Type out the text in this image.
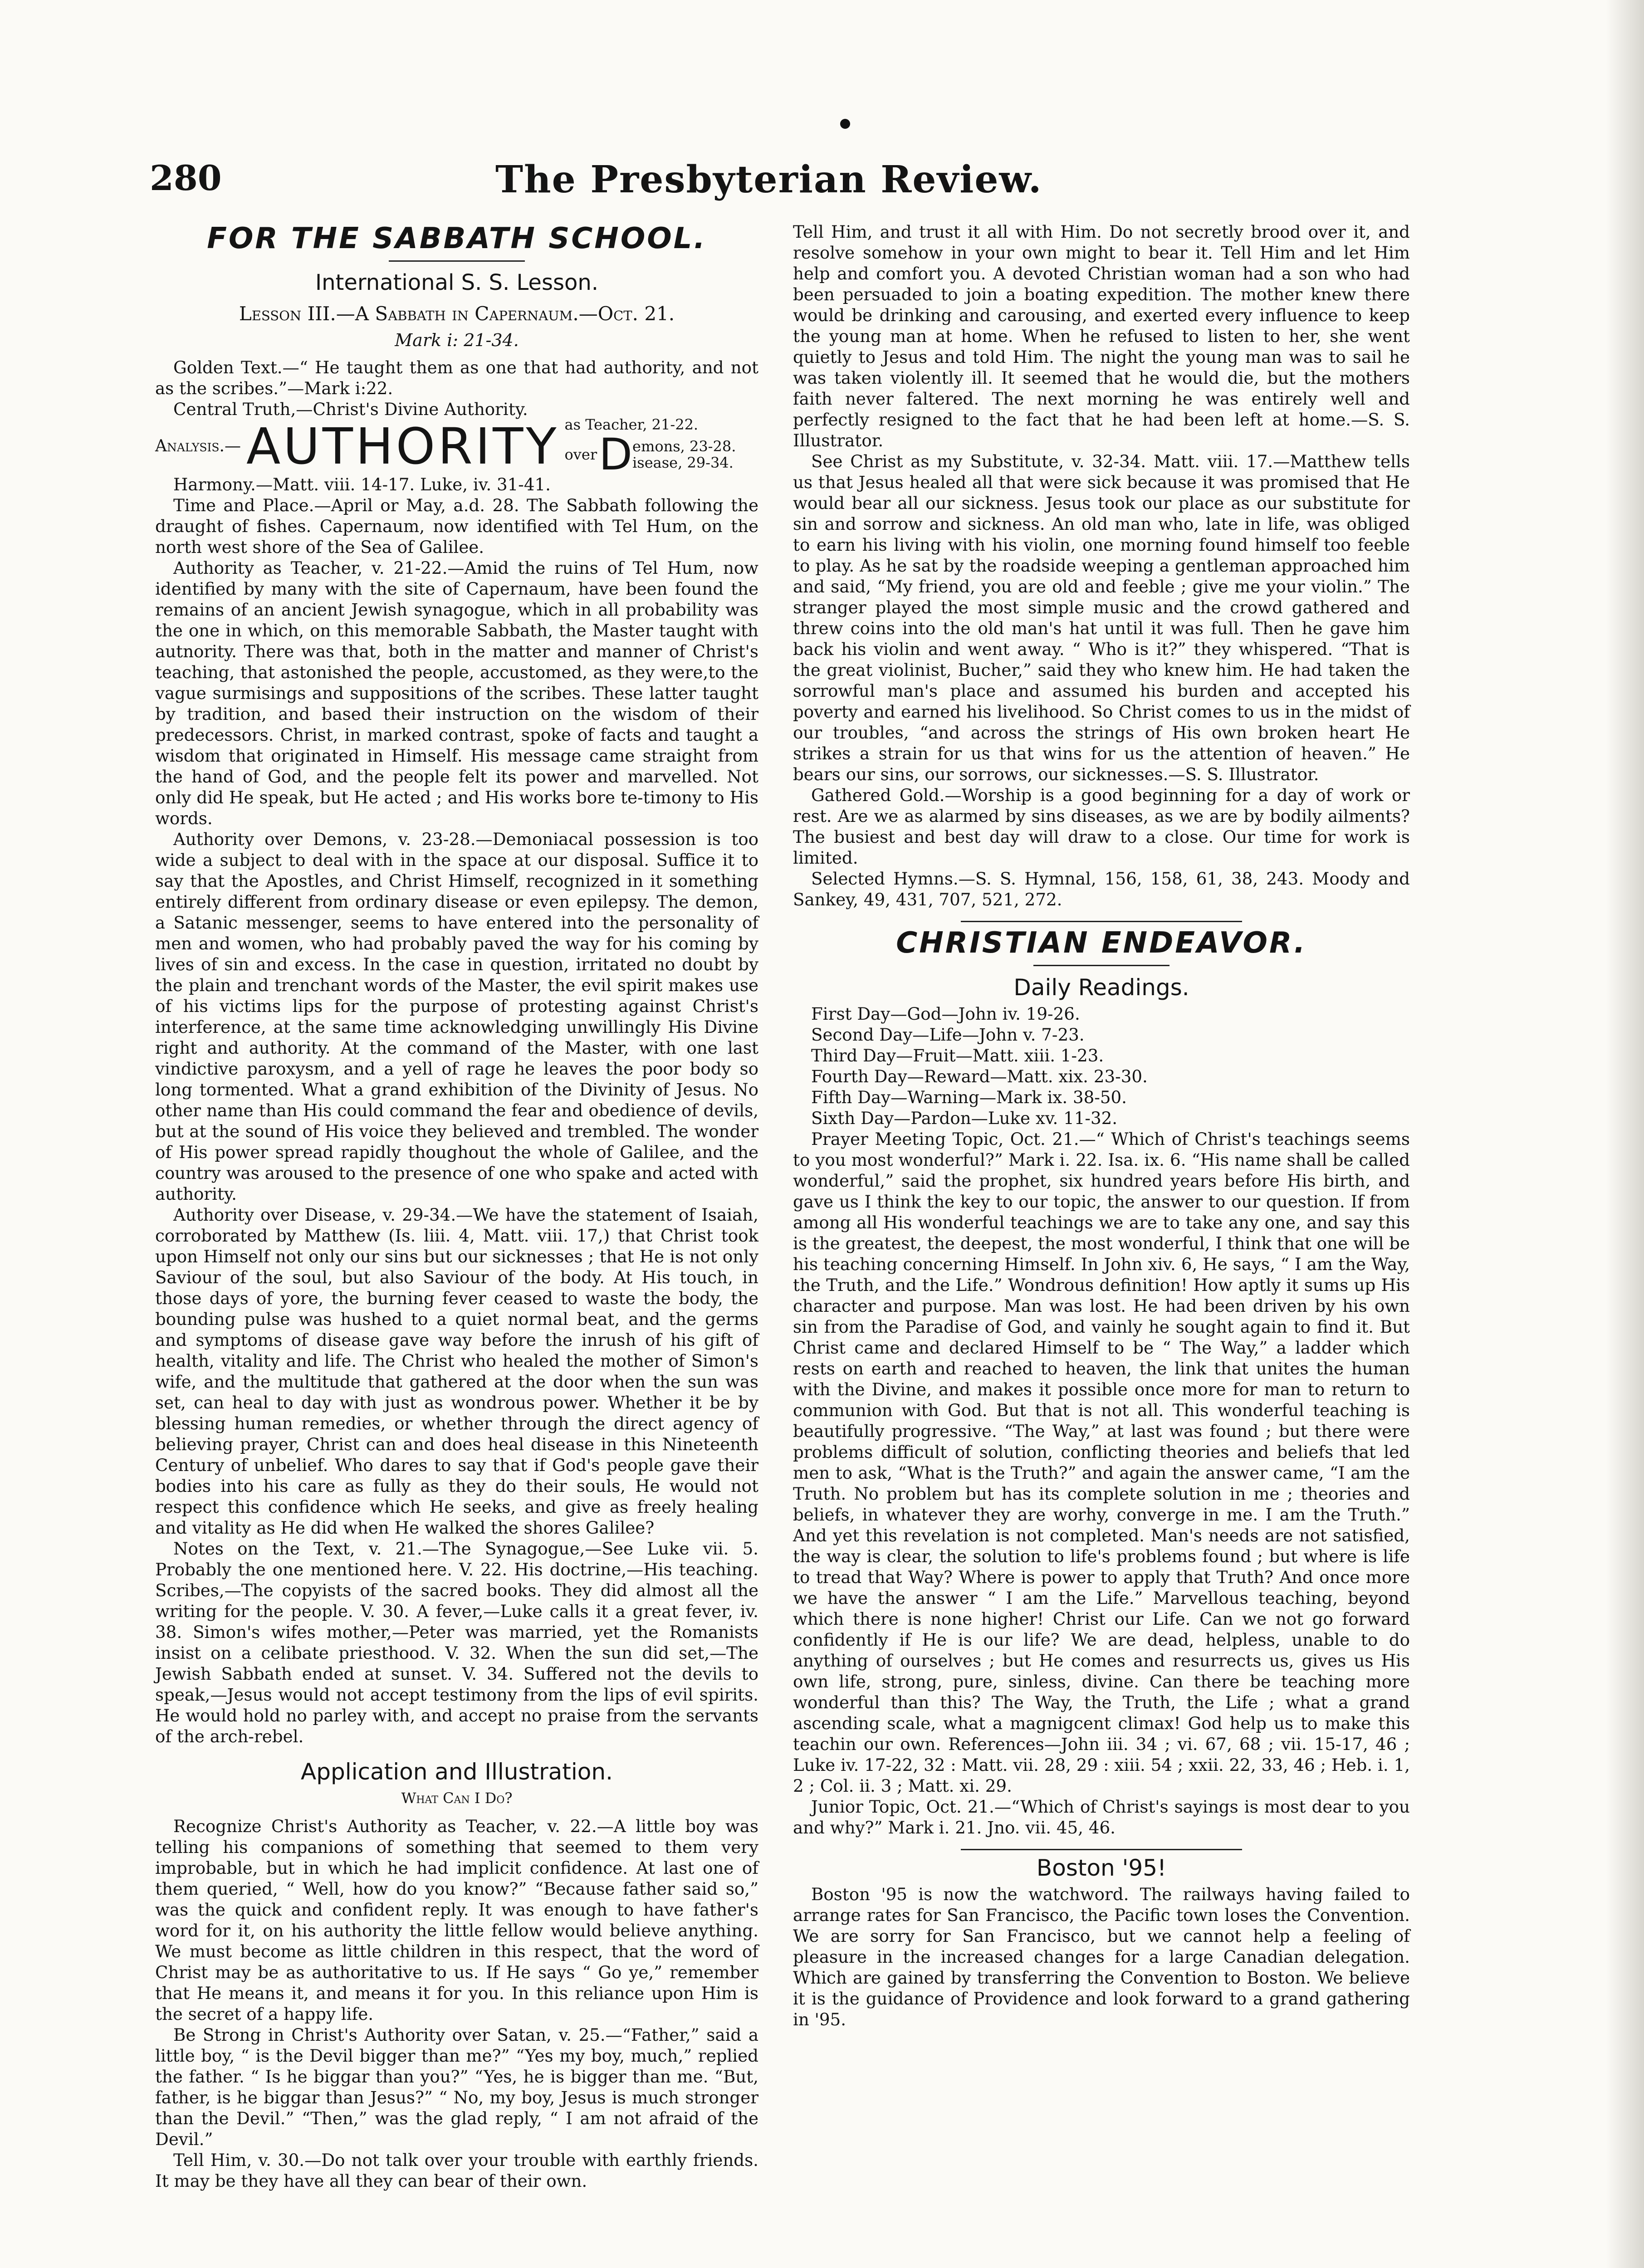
280	The Presbyterian Review.
FOR THE SABBATH SCHOOL.
International S. S. Lesson.
Lesson III.—A Sabbath in Capernaum.—Oct. 21.
Mark i: 21-34.

Golden Text.—“ He taught them as one that had authority, and not as the scribes.”—Mark i:22.

Central Truth,—Christ's Divine Authority.

Analysis.— AUTHORITY as Teacher, 21-22.
over D emons, 23-28.
isease, 29-34.

Harmony.—Matt. viii. 14-17. Luke, iv. 31-41.

Time and Place.—April or May, a.d. 28. The Sabbath following the draught of fishes. Capernaum, now identified with Tel Hum, on the north west shore of the Sea of Galilee.

Authority as Teacher, v. 21-22.—Amid the ruins of Tel Hum, now identified by many with the site of Capernaum, have been found the remains of an ancient Jewish synagogue, which in all probability was the one in which, on this memorable Sabbath, the Master taught with autnority. There was that, both in the matter and manner of Christ's teaching, that astonished the people, accustomed, as they were,to the vague surmisings and suppositions of the scribes. These latter taught by tradition, and based their instruction on the wisdom of their predecessors. Christ, in marked contrast, spoke of facts and taught a wisdom that originated in Himself. His message came straight from the hand of God, and the people felt its power and marvelled. Not only did He speak, but He acted ; and His works bore te-timony to His words.

Authority over Demons, v. 23-28.—Demoniacal possession is too wide a subject to deal with in the space at our disposal. Suffice it to say that the Apostles, and Christ Himself, recognized in it something entirely different from ordinary disease or even epilepsy. The demon, a Satanic messenger, seems to have entered into the personality of men and women, who had probably paved the way for his coming by lives of sin and excess. In the case in question, irritated no doubt by the plain and trenchant words of the Master, the evil spirit makes use of his victims lips for the purpose of protesting against Christ's interference, at the same time acknowledging unwillingly His Divine right and authority. At the command of the Master, with one last vindictive paroxysm, and a yell of rage he leaves the poor body so long tormented. What a grand exhibition of the Divinity of Jesus. No other name than His could command the fear and obedience of devils, but at the sound of His voice they believed and trembled. The wonder of His power spread rapidly thoughout the whole of Galilee, and the country was aroused to the presence of one who spake and acted with authority.

Authority over Disease, v. 29-34.—We have the statement of Isaiah, corroborated by Matthew (Is. liii. 4, Matt. viii. 17,) that Christ took upon Himself not only our sins but our sicknesses ; that He is not only Saviour of the soul, but also Saviour of the body. At His touch, in those days of yore, the burning fever ceased to waste the body, the bounding pulse was hushed to a quiet normal beat, and the germs and symptoms of disease gave way before the inrush of his gift of health, vitality and life. The Christ who healed the mother of Simon's wife, and the multitude that gathered at the door when the sun was set, can heal to day with just as wondrous power. Whether it be by blessing human remedies, or whether through the direct agency of believing prayer, Christ can and does heal disease in this Nineteenth Century of unbelief. Who dares to say that if God's people gave their bodies into his care as fully as they do their souls, He would not respect this confidence which He seeks, and give as freely healing and vitality as He did when He walked the shores Galilee?

Notes on the Text, v. 21.—The Synagogue,—See Luke vii. 5. Probably the one mentioned here. V. 22. His doctrine,—His teaching. Scribes,—The copyists of the sacred books. They did almost all the writing for the people. V. 30. A fever,—Luke calls it a great fever, iv. 38. Simon's wifes mother,—Peter was married, yet the Romanists insist on a celibate priesthood. V. 32. When the sun did set,—The Jewish Sabbath ended at sunset. V. 34. Suffered not the devils to speak,—Jesus would not accept testimony from the lips of evil spirits. He would hold no parley with, and accept no praise from the servants of the arch-rebel.

Application and Illustration.
What Can I Do?

Recognize Christ's Authority as Teacher, v. 22.—A little boy was telling his companions of something that seemed to them very improbable, but in which he had implicit confidence. At last one of them queried, “ Well, how do you know?” “Because father said so,” was the quick and confident reply. It was enough to have father's word for it, on his authority the little fellow would believe anything. We must become as little children in this respect, that the word of Christ may be as authoritative to us. If He says “ Go ye,” remember that He means it, and means it for you. In this reliance upon Him is the secret of a happy life.

Be Strong in Christ's Authority over Satan, v. 25.—“Father,” said a little boy, “ is the Devil bigger than me?” “Yes my boy, much,” replied the father. “ Is he biggar than you?” “Yes, he is bigger than me. “But, father, is he biggar than Jesus?” “ No, my boy, Jesus is much stronger than the Devil.” “Then,” was the glad reply, “ I am not afraid of the Devil.”

Tell Him, v. 30.—Do not talk over your trouble with earthly friends. It may be they have all they can bear of their own.

Tell Him, and trust it all with Him. Do not secretly brood over it, and resolve somehow in your own might to bear it. Tell Him and let Him help and comfort you. A devoted Christian woman had a son who had been persuaded to join a boating expedition. The mother knew there would be drinking and carousing, and exerted every influence to keep the young man at home. When he refused to listen to her, she went quietly to Jesus and told Him. The night the young man was to sail he was taken violently ill. It seemed that he would die, but the mothers faith never faltered. The next morning he was entirely well and perfectly resigned to the fact that he had been left at home.—S. S. Illustrator.

See Christ as my Substitute, v. 32-34. Matt. viii. 17.—Matthew tells us that Jesus healed all that were sick because it was promised that He would bear all our sickness. Jesus took our place as our substitute for sin and sorrow and sickness. An old man who, late in life, was obliged to earn his living with his violin, one morning found himself too feeble to play. As he sat by the roadside weeping a gentleman approached him and said, “My friend, you are old and feeble ; give me your violin.” The stranger played the most simple music and the crowd gathered and threw coins into the old man's hat until it was full. Then he gave him back his violin and went away. “ Who is it?” they whispered. “That is the great violinist, Bucher,” said they who knew him. He had taken the sorrowful man's place and assumed his burden and accepted his poverty and earned his livelihood. So Christ comes to us in the midst of our troubles, “and across the strings of His own broken heart He strikes a strain for us that wins for us the attention of heaven.” He bears our sins, our sorrows, our sicknesses.—S. S. Illustrator.

Gathered Gold.—Worship is a good beginning for a day of work or rest. Are we as alarmed by sins diseases, as we are by bodily ailments? The busiest and best day will draw to a close. Our time for work is limited.

Selected Hymns.—S. S. Hymnal, 156, 158, 61, 38, 243. Moody and Sankey, 49, 431, 707, 521, 272.

CHRISTIAN ENDEAVOR.
Daily Readings.
First Day—God—John iv. 19-26.
Second Day—Life—John v. 7-23.
Third Day—Fruit—Matt. xiii. 1-23.
Fourth Day—Reward—Matt. xix. 23-30.
Fifth Day—Warning—Mark ix. 38-50.
Sixth Day—Pardon—Luke xv. 11-32.

Prayer Meeting Topic, Oct. 21.—“ Which of Christ's teachings seems to you most wonderful?” Mark i. 22. Isa. ix. 6. “His name shall be called wonderful,” said the prophet, six hundred years before His birth, and gave us I think the key to our topic, the answer to our question. If from among all His wonderful teachings we are to take any one, and say this is the greatest, the deepest, the most wonderful, I think that one will be his teaching concerning Himself. In John xiv. 6, He says, “ I am the Way, the Truth, and the Life.” Wondrous definition! How aptly it sums up His character and purpose. Man was lost. He had been driven by his own sin from the Paradise of God, and vainly he sought again to find it. But Christ came and declared Himself to be “ The Way,” a ladder which rests on earth and reached to heaven, the link that unites the human with the Divine, and makes it possible once more for man to return to communion with God. But that is not all. This wonderful teaching is beautifully progressive. “The Way,” at last was found ; but there were problems difficult of solution, conflicting theories and beliefs that led men to ask, “What is the Truth?” and again the answer came, “I am the Truth. No problem but has its complete solution in me ; theories and beliefs, in whatever they are worhy, converge in me. I am the Truth.” And yet this revelation is not completed. Man's needs are not satisfied, the way is clear, the solution to life's problems found ; but where is life to tread that Way? Where is power to apply that Truth? And once more we have the answer “ I am the Life.” Marvellous teaching, beyond which there is none higher! Christ our Life. Can we not go forward confidently if He is our life? We are dead, helpless, unable to do anything of ourselves ; but He comes and resurrects us, gives us His own life, strong, pure, sinless, divine. Can there be teaching more wonderful than this? The Way, the Truth, the Life ; what a grand ascending scale, what a magnigcent climax! God help us to make this teachin our own. References—John iii. 34 ; vi. 67, 68 ; vii. 15-17, 46 ; Luke iv. 17-22, 32 : Matt. vii. 28, 29 : xiii. 54 ; xxii. 22, 33, 46 ; Heb. i. 1, 2 ; Col. ii. 3 ; Matt. xi. 29.

Junior Topic, Oct. 21.—“Which of Christ's sayings is most dear to you and why?” Mark i. 21. Jno. vii. 45, 46.

Boston '95!

Boston '95 is now the watchword. The railways having failed to arrange rates for San Francisco, the Pacific town loses the Convention. We are sorry for San Francisco, but we cannot help a feeling of pleasure in the increased changes for a large Canadian delegation. Which are gained by transferring the Convention to Boston. We believe it is the guidance of Providence and look forward to a grand gathering in '95.
